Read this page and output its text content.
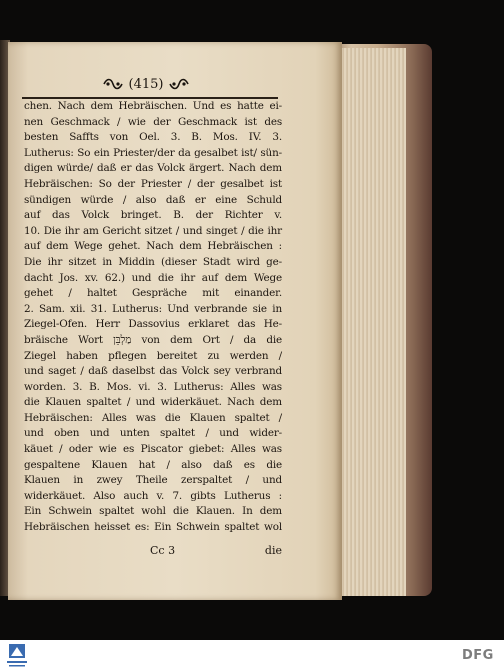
(415)
chen. Nach dem Hebräischen. Und es hatte ei-
nen Geschmack / wie der Geschmack ist des
besten Saffts von Oel. 3. B. Mos. IV. 3.
Lutherus: So ein Priester/der da gesalbet ist/ sün-
digen würde/ daß er das Volck ärgert. Nach dem
Hebräischen: So der Priester / der gesalbet ist
sündigen würde / also daß er eine Schuld
auf das Volck bringet. B. der Richter v.
10. Die ihr am Gericht sitzet / und singet / die ihr
auf dem Wege gehet. Nach dem Hebräischen :
Die ihr sitzet in Middin (dieser Stadt wird ge-
dacht Jos. xv. 62.) und die ihr auf dem Wege
gehet / haltet Gespräche mit einander.
2. Sam. xii. 31. Lutherus: Und verbrande sie in
Ziegel-Ofen. Herr Dassovius erklaret das He-
bräische Wort מַלְבֵּן von dem Ort / da die
Ziegel haben pflegen bereitet zu werden /
und saget / daß daselbst das Volck sey verbrand
worden. 3. B. Mos. vi. 3. Lutherus: Alles was
die Klauen spaltet / und widerkäuet. Nach dem
Hebräischen: Alles was die Klauen spaltet /
und oben und unten spaltet / und wider-
käuet / oder wie es Piscator giebet: Alles was
gespaltene Klauen hat / also daß es die
Klauen in zwey Theile zerspaltet / und
widerkäuet. Also auch v. 7. gibts Lutherus :
Ein Schwein spaltet wohl die Klauen. In dem
Hebräischen heisset es: Ein Schwein spaltet wol
Cc 3	die
DFG
